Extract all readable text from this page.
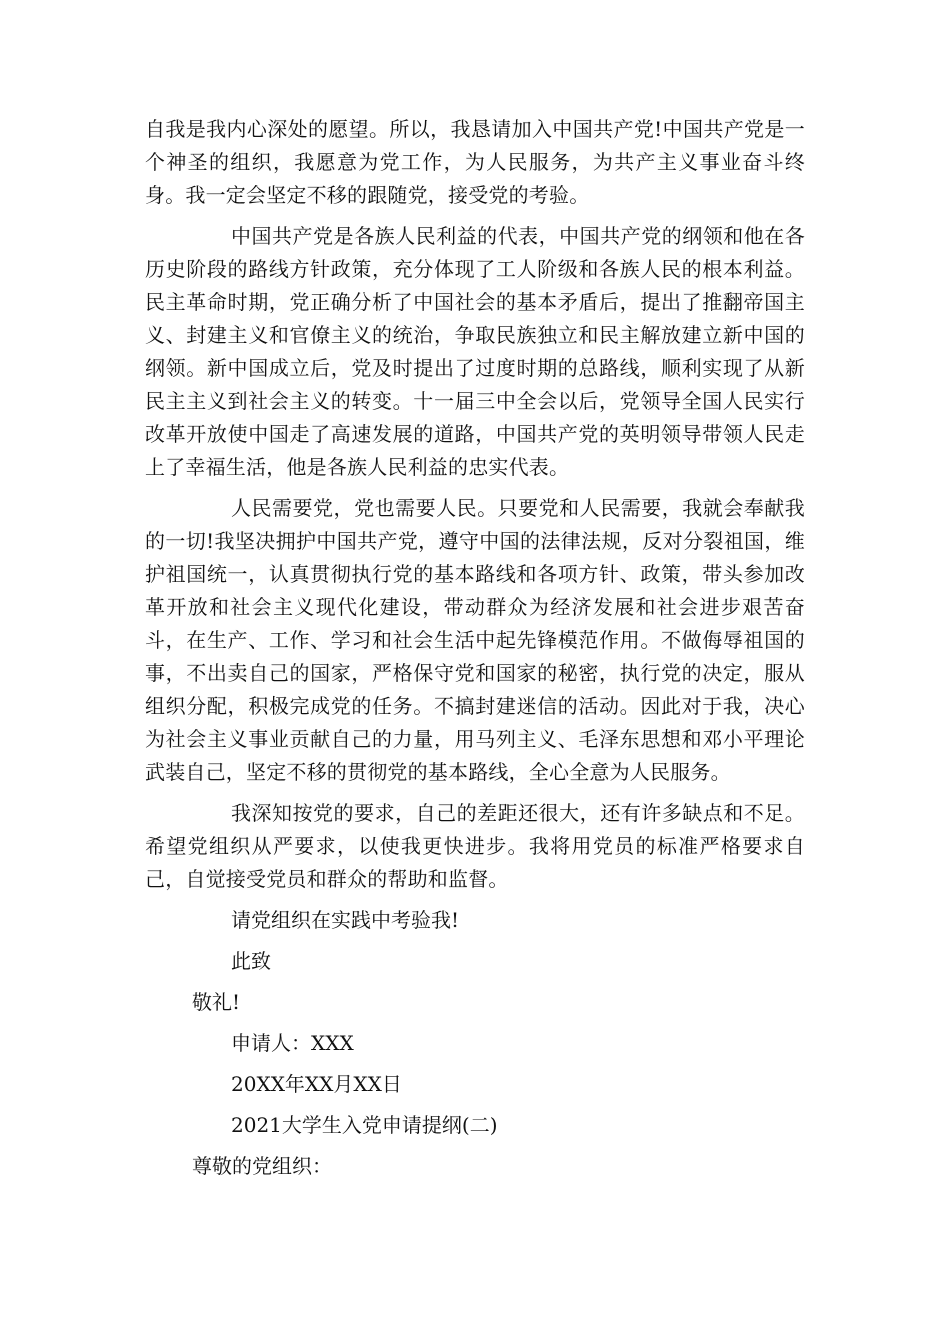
自我是我内心深处的愿望。所以，我恳请加入中国共产党!中国共产党是一个神圣的组织，我愿意为党工作，为人民服务，为共产主义事业奋斗终身。我一定会坚定不移的跟随党，接受党的考验。

中国共产党是各族人民利益的代表，中国共产党的纲领和他在各历史阶段的路线方针政策，充分体现了工人阶级和各族人民的根本利益。民主革命时期，党正确分析了中国社会的基本矛盾后，提出了推翻帝国主义、封建主义和官僚主义的统治，争取民族独立和民主解放建立新中国的纲领。新中国成立后，党及时提出了过度时期的总路线，顺利实现了从新民主主义到社会主义的转变。十一届三中全会以后，党领导全国人民实行改革开放使中国走了高速发展的道路，中国共产党的英明领导带领人民走上了幸福生活，他是各族人民利益的忠实代表。

人民需要党，党也需要人民。只要党和人民需要，我就会奉献我的一切!我坚决拥护中国共产党，遵守中国的法律法规，反对分裂祖国，维护祖国统一，认真贯彻执行党的基本路线和各项方针、政策，带头参加改革开放和社会主义现代化建设，带动群众为经济发展和社会进步艰苦奋斗，在生产、工作、学习和社会生活中起先锋模范作用。不做侮辱祖国的事，不出卖自己的国家，严格保守党和国家的秘密，执行党的决定，服从组织分配，积极完成党的任务。不搞封建迷信的活动。因此对于我，决心为社会主义事业贡献自己的力量，用马列主义、毛泽东思想和邓小平理论武装自己，坚定不移的贯彻党的基本路线，全心全意为人民服务。

我深知按党的要求，自己的差距还很大，还有许多缺点和不足。希望党组织从严要求，以使我更快进步。我将用党员的标准严格要求自己，自觉接受党员和群众的帮助和监督。

请党组织在实践中考验我!

此致

敬礼!

申请人：XXX

20XX年XX月XX日

2021大学生入党申请提纲(二)

尊敬的党组织：
